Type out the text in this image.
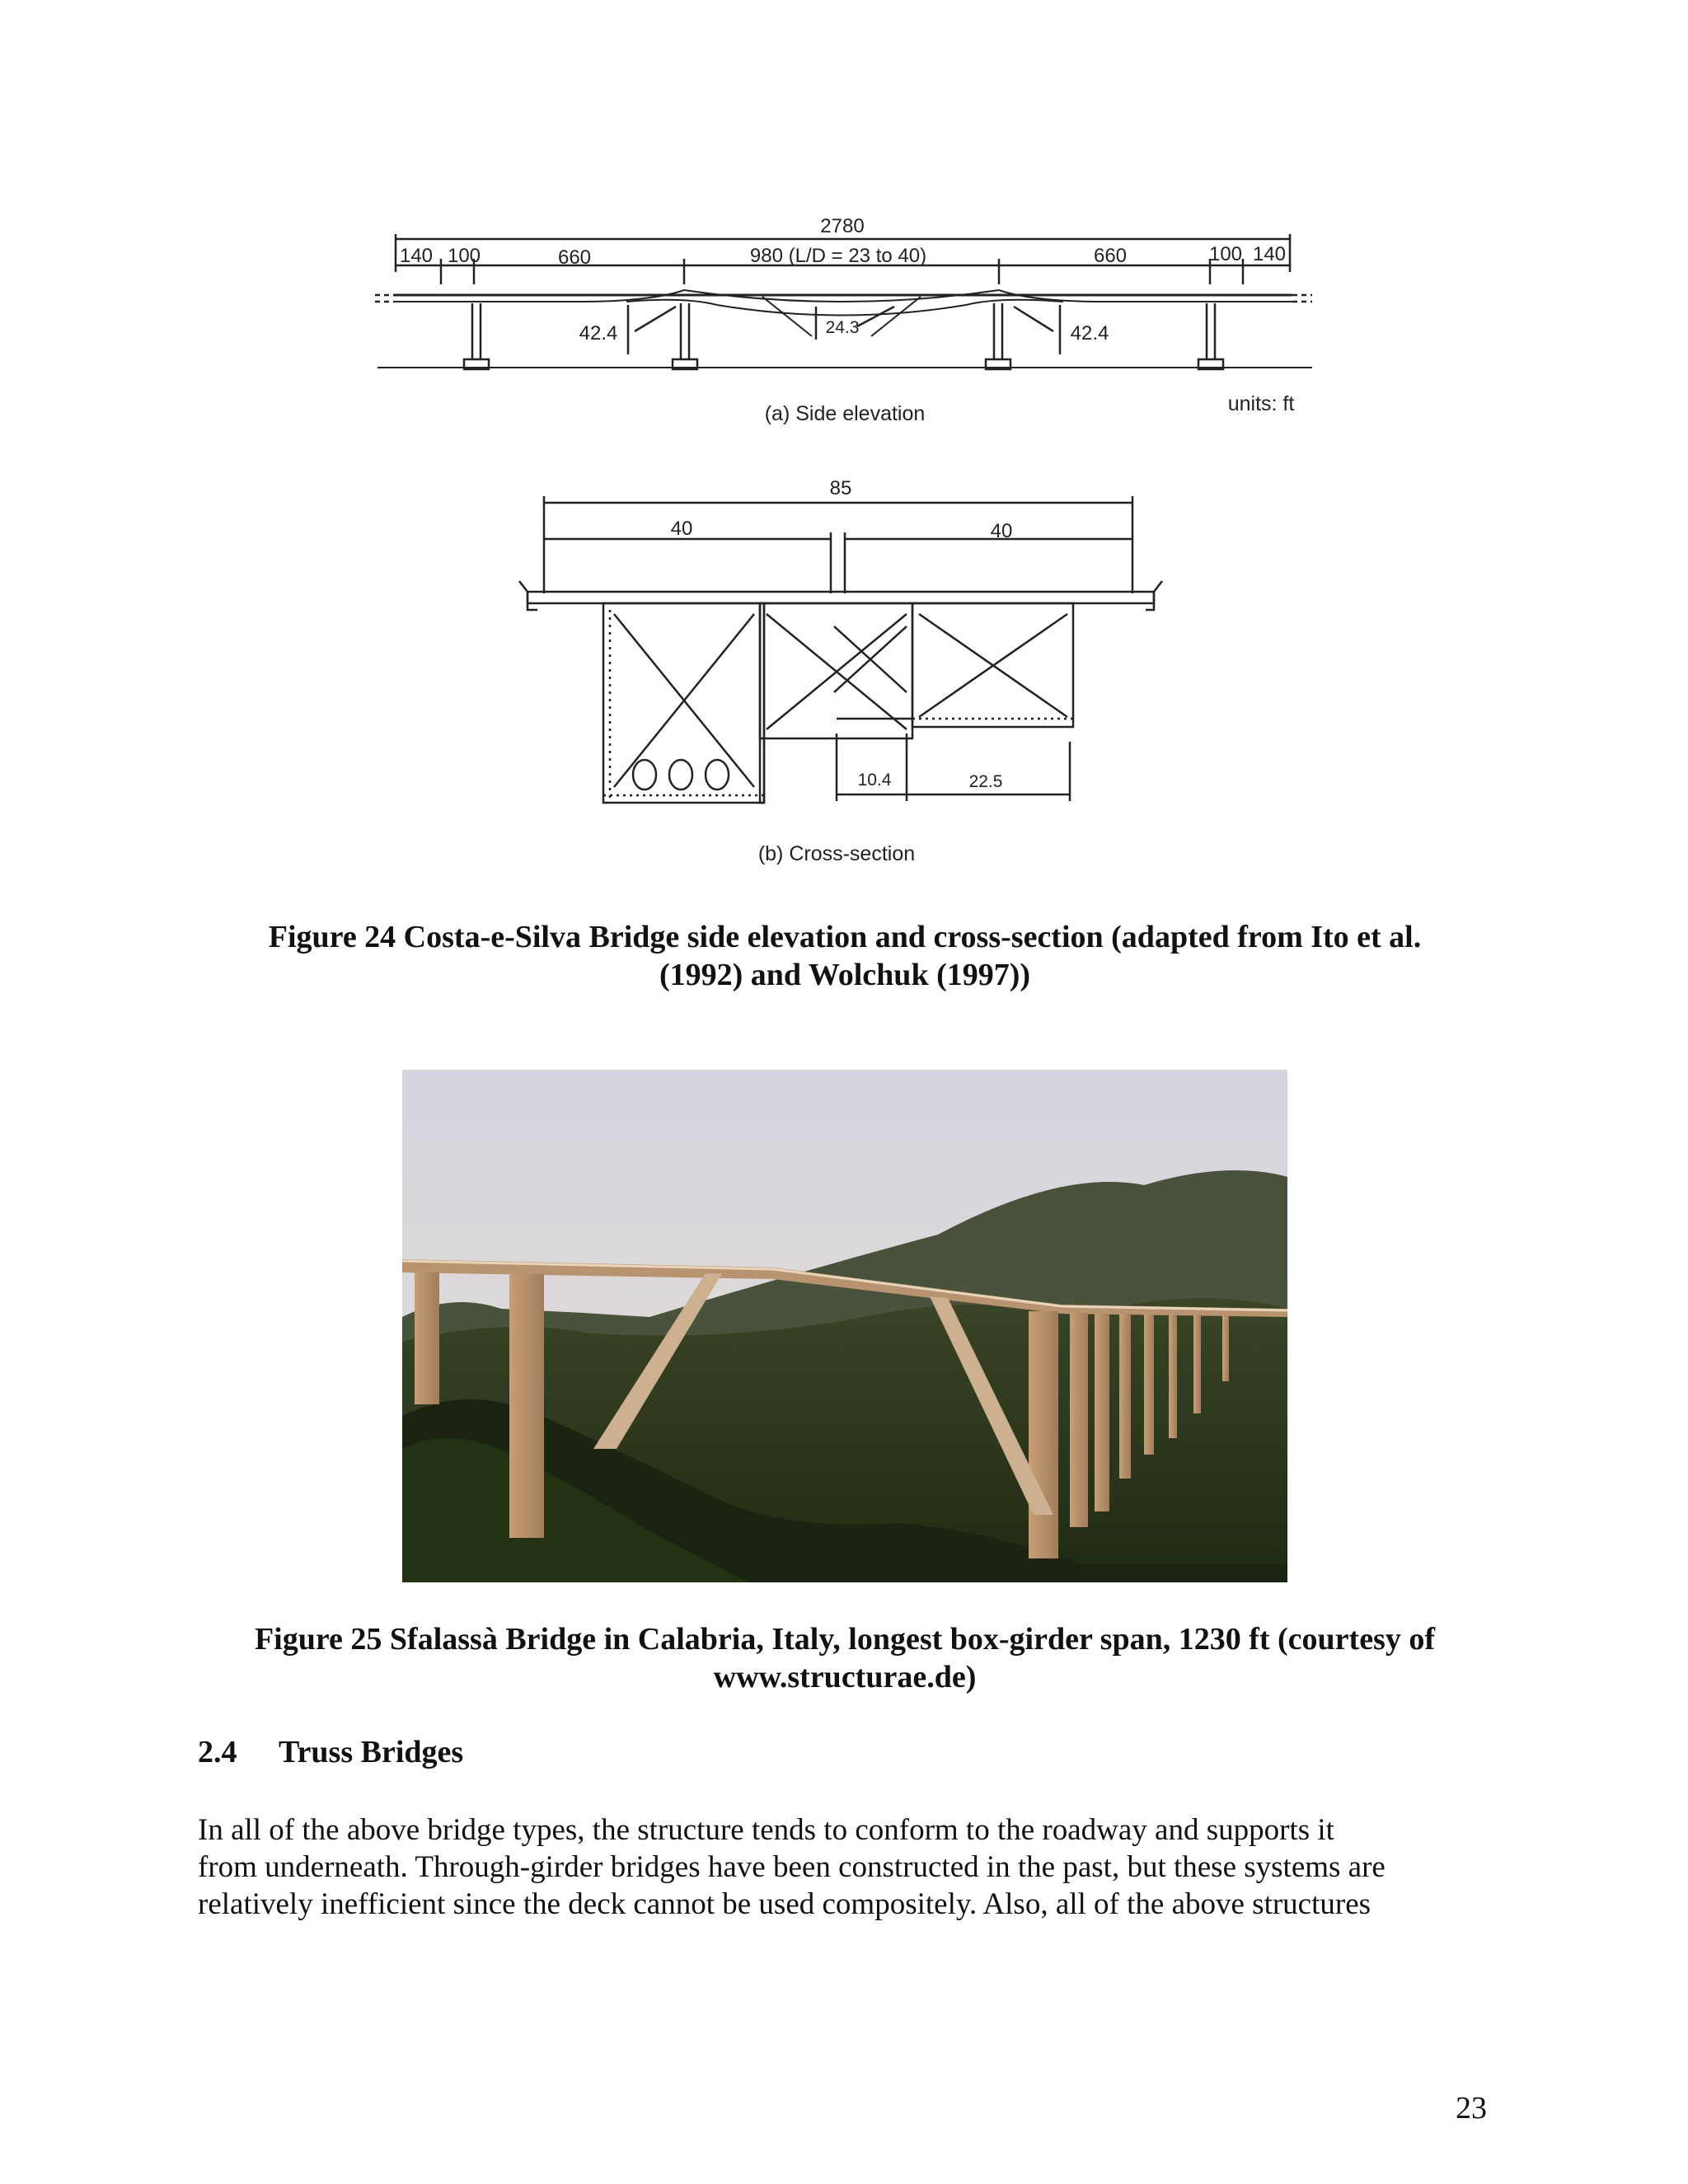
2780
140 100	660	980 (L/D = 23 to 40)	660	100 140
42.4	24.3	42.4
(a) Side elevation	units: ft
85
40	40
10.4	22.5
(b) Cross-section
Figure 24 Costa-e-Silva Bridge side elevation and cross-section (adapted from Ito et al.
(1992) and Wolchuk (1997))
Figure 25 Sfalassà Bridge in Calabria, Italy, longest box-girder span, 1230 ft (courtesy of
www.structurae.de)
2.4 Truss Bridges
In all of the above bridge types, the structure tends to conform to the roadway and supports it
from underneath. Through-girder bridges have been constructed in the past, but these systems are
relatively inefficient since the deck cannot be used compositely. Also, all of the above structures
23
